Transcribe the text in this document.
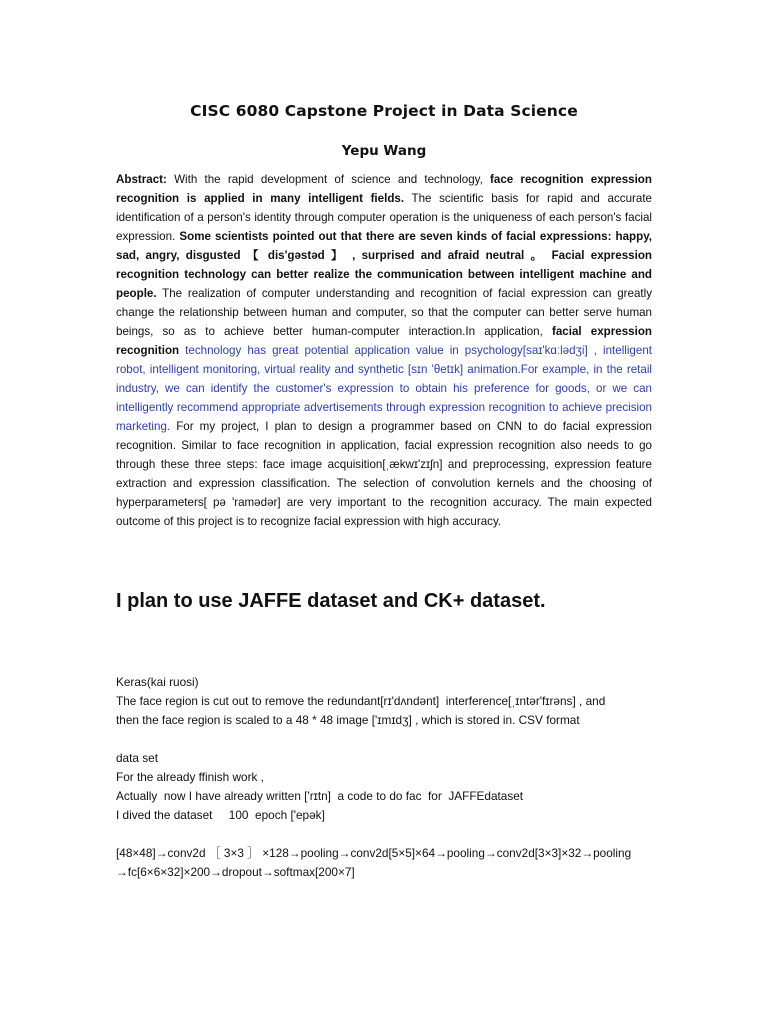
CISC 6080 Capstone Project in Data Science
Yepu Wang

Abstract: With the rapid development of science and technology, face recognition expression recognition is applied in many intelligent fields. The scientific basis for rapid and accurate identification of a person's identity through computer operation is the uniqueness of each person's facial expression. Some scientists pointed out that there are seven kinds of facial expressions: happy, sad, angry, disgusted 【 dis'gəstəd 】 , surprised and afraid neutral 。 Facial expression recognition technology can better realize the communication between intelligent machine and people. The realization of computer understanding and recognition of facial expression can greatly change the relationship between human and computer, so that the computer can better serve human beings, so as to achieve better human-computer interaction.In application, facial expression recognition technology has great potential application value in psychology[saɪ'kɑːlədʒi] , intelligent robot, intelligent monitoring, virtual reality and synthetic [sɪn 'θetɪk] animation.For example, in the retail industry, we can identify the customer's expression to obtain his preference for goods, or we can intelligently recommend appropriate advertisements through expression recognition to achieve precision marketing. For my project, I plan to design a programmer based on CNN to do facial expression recognition. Similar to face recognition in application, facial expression recognition also needs to go through these three steps: face image acquisition[ˌækwɪ'zɪʃn] and preprocessing, expression feature extraction and expression classification. The selection of convolution kernels and the choosing of hyperparameters[ pə 'ramədər] are very important to the recognition accuracy. The main expected outcome of this project is to recognize facial expression with high accuracy.

I plan to use JAFFE dataset and CK+ dataset.
Keras(kai ruosi)
The face region is cut out to remove the redundant[rɪ'dʌndənt]  interference[ˌɪntər'fɪrəns] , and
then the face region is scaled to a 48 * 48 image ['ɪmɪdʒ] , which is stored in. CSV format
data set
For the already ffinish work ,
Actually  now I have already written ['rɪtn]  a code to do fac  for  JAFFEdataset
I dived the dataset     100  epoch ['epək]
[48×48]→conv2d ［ 3×3 ］ ×128→pooling→conv2d[5×5]×64→pooling→conv2d[3×3]×32→pooling
→fc[6×6×32]×200→dropout→softmax[200×7]
